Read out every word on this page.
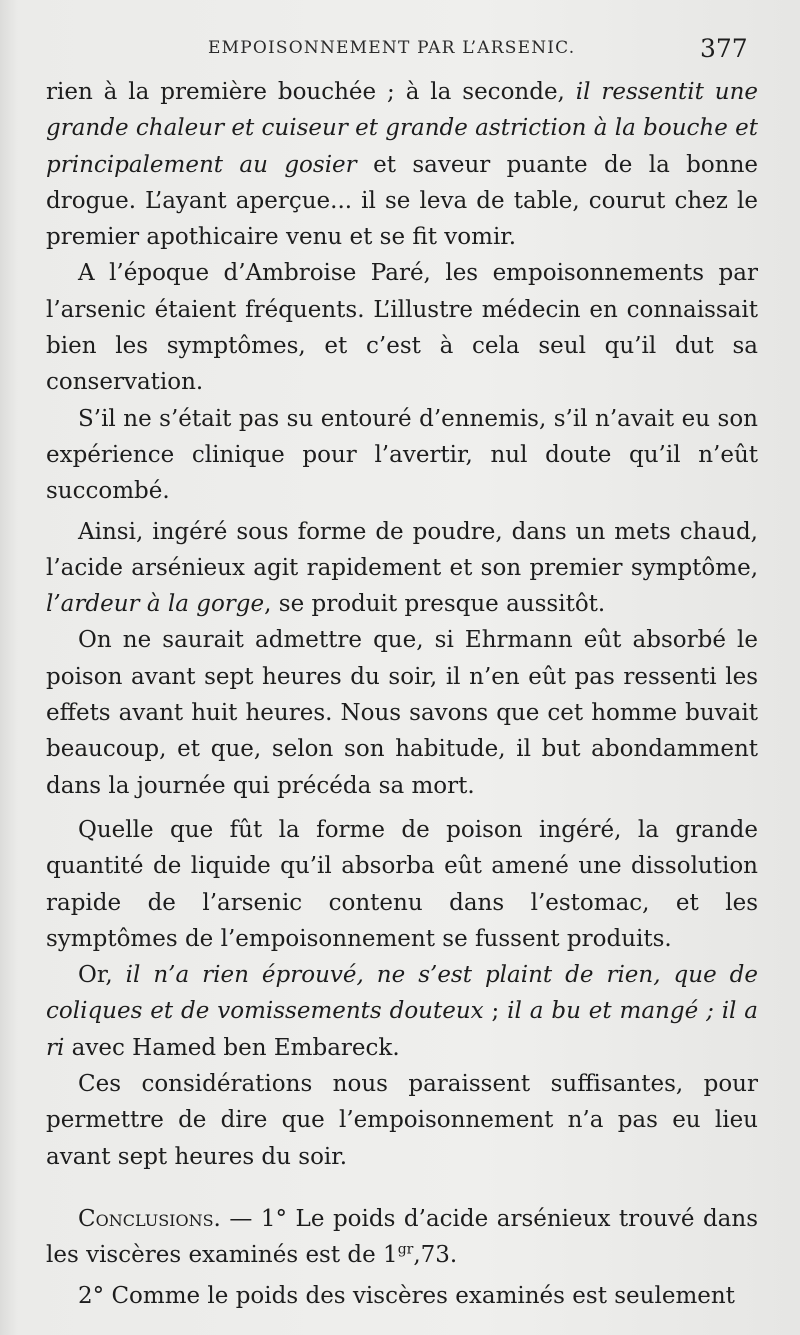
EMPOISONNEMENT PAR L’ARSENIC.	377

rien à la première bouchée ; à la seconde, il ressentit une grande chaleur et cuiseur et grande astriction à la bouche et principalement au gosier et saveur puante de la bonne drogue. L’ayant aperçue... il se leva de table, courut chez le premier apothicaire venu et se fit vomir.

A l’époque d’Ambroise Paré, les empoisonnements par l’arsenic étaient fréquents. L’illustre médecin en connaissait bien les symptômes, et c’est à cela seul qu’il dut sa conservation.

S’il ne s’était pas su entouré d’ennemis, s’il n’avait eu son expérience clinique pour l’avertir, nul doute qu’il n’eût succombé.

Ainsi, ingéré sous forme de poudre, dans un mets chaud, l’acide arsénieux agit rapidement et son premier symptôme, l’ardeur à la gorge, se produit presque aussitôt.

On ne saurait admettre que, si Ehrmann eût absorbé le poison avant sept heures du soir, il n’en eût pas ressenti les effets avant huit heures. Nous savons que cet homme buvait beaucoup, et que, selon son habitude, il but abondamment dans la journée qui précéda sa mort.

Quelle que fût la forme de poison ingéré, la grande quantité de liquide qu’il absorba eût amené une dissolution rapide de l’arsenic contenu dans l’estomac, et les symptômes de l’empoisonnement se fussent produits.

Or, il n’a rien éprouvé, ne s’est plaint de rien, que de coliques et de vomissements douteux ; il a bu et mangé ; il a ri avec Hamed ben Embareck.

Ces considérations nous paraissent suffisantes, pour permettre de dire que l’empoisonnement n’a pas eu lieu avant sept heures du soir.

Conclusions. — 1° Le poids d’acide arsénieux trouvé dans les viscères examinés est de $1^{gr},73$.

2° Comme le poids des viscères examinés est seulement
